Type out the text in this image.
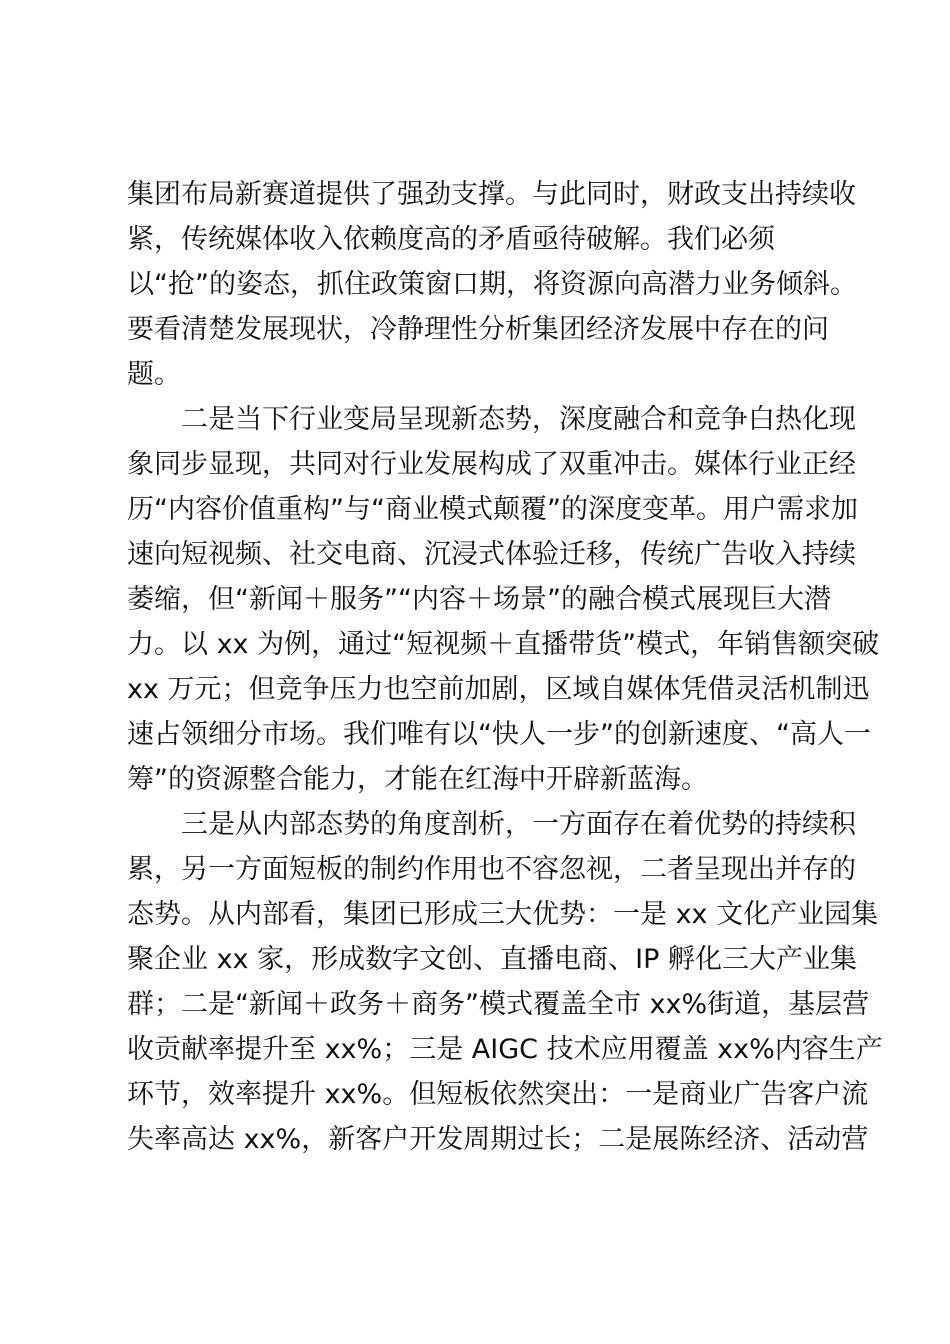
集团布局新赛道提供了强劲支撑。与此同时，财政支出持续收
紧，传统媒体收入依赖度高的矛盾亟待破解。我们必须
以“抢”的姿态，抓住政策窗口期，将资源向高潜力业务倾斜。
要看清楚发展现状，冷静理性分析集团经济发展中存在的问
题。
二是当下行业变局呈现新态势，深度融合和竞争白热化现
象同步显现，共同对行业发展构成了双重冲击。媒体行业正经
历“内容价值重构”与“商业模式颠覆”的深度变革。用户需求加
速向短视频、社交电商、沉浸式体验迁移，传统广告收入持续
萎缩，但“新闻＋服务”“内容＋场景”的融合模式展现巨大潜
力。以 xx 为例，通过“短视频＋直播带货”模式，年销售额突破
xx 万元；但竞争压力也空前加剧，区域自媒体凭借灵活机制迅
速占领细分市场。我们唯有以“快人一步”的创新速度、“高人一
筹”的资源整合能力，才能在红海中开辟新蓝海。
三是从内部态势的角度剖析，一方面存在着优势的持续积
累，另一方面短板的制约作用也不容忽视，二者呈现出并存的
态势。从内部看，集团已形成三大优势：一是 xx 文化产业园集
聚企业 xx 家，形成数字文创、直播电商、IP 孵化三大产业集
群；二是“新闻＋政务＋商务”模式覆盖全市 xx%街道，基层营
收贡献率提升至 xx%；三是 AIGC 技术应用覆盖 xx%内容生产
环节，效率提升 xx%。但短板依然突出：一是商业广告客户流
失率高达 xx%，新客户开发周期过长；二是展陈经济、活动营
